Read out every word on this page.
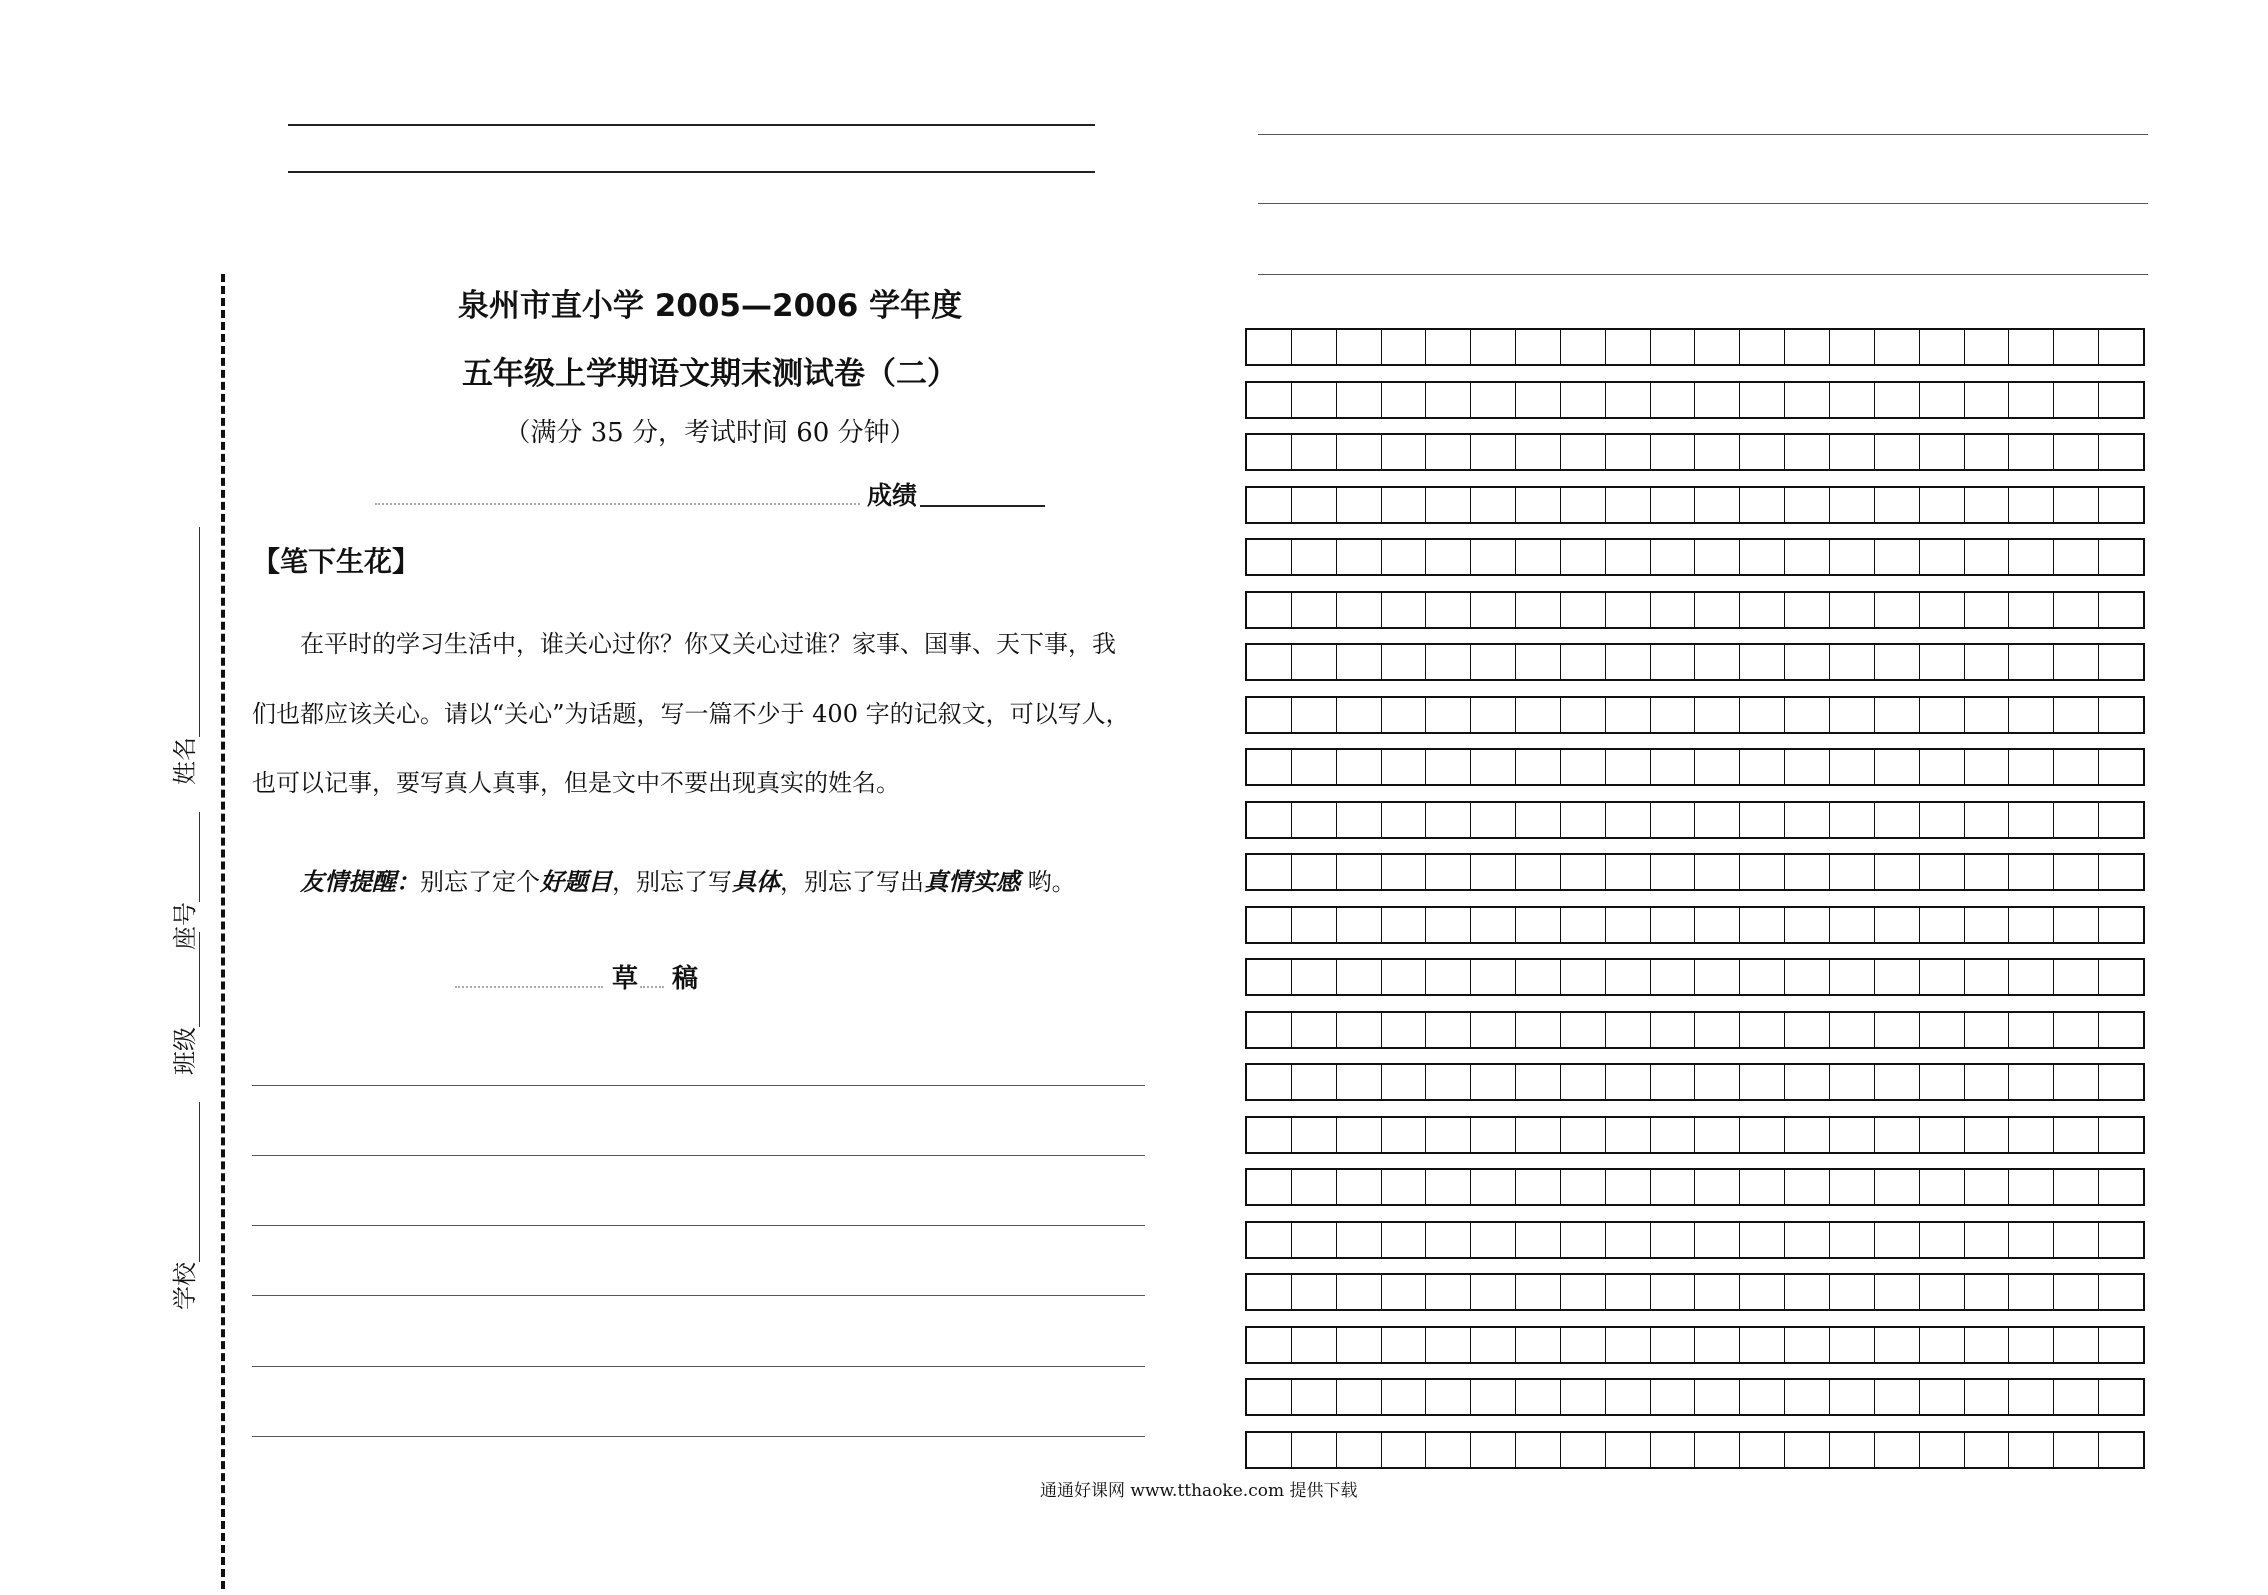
学校
班级
座号
姓名
泉州市直小学 2005—2006 学年度
五年级上学期语文期末测试卷（二）
（满分 35 分，考试时间 60 分钟）
成绩
【笔下生花】
在平时的学习生活中，谁关心过你？你又关心过谁？家事、国事、天下事，我
们也都应该关心。请以“关心”为话题，写一篇不少于 400 字的记叙文，可以写人，
也可以记事，要写真人真事，但是文中不要出现真实的姓名。
友情提醒：别忘了定个好题目，别忘了写具体，别忘了写出真情实感 哟。
草 稿
通通好课网 www.tthaoke.com 提供下载
